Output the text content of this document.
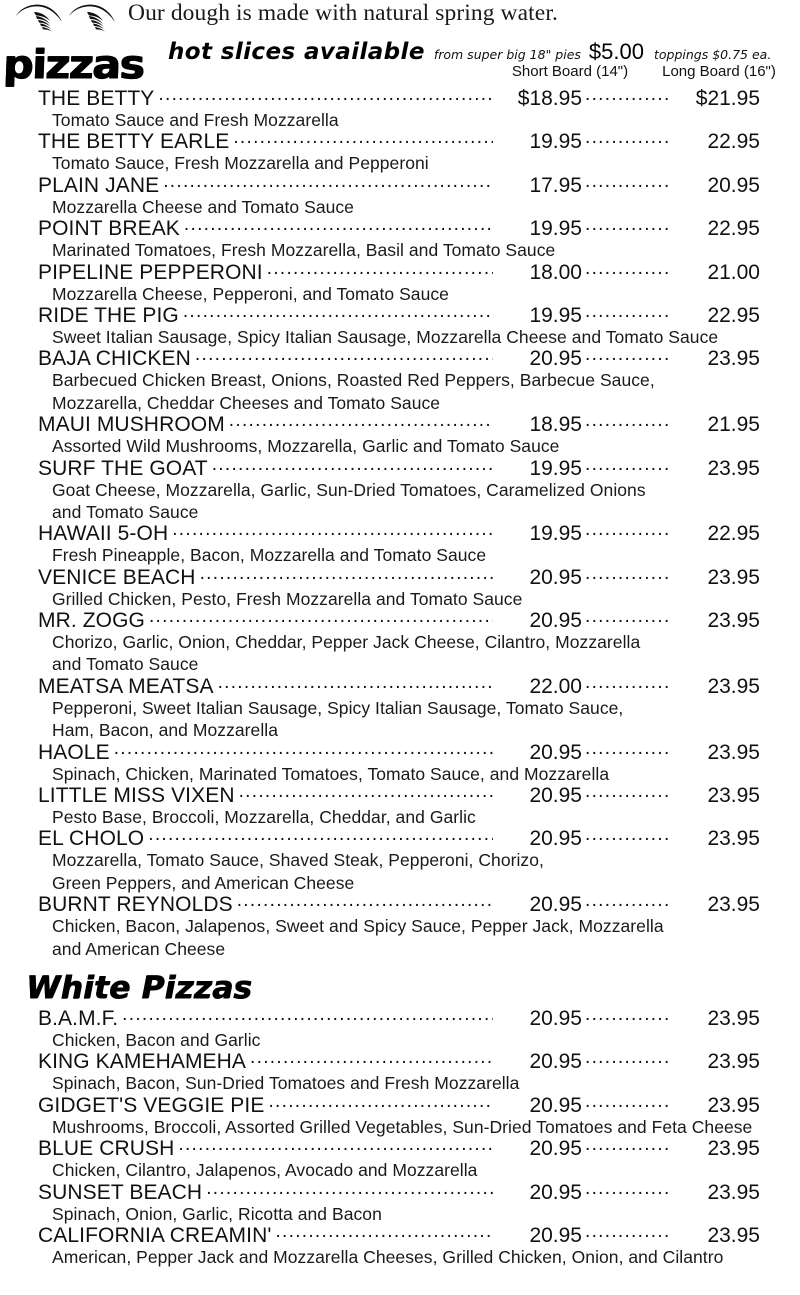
Our dough is made with natural spring water.
hot slices available from super big 18" pies $5.00 toppings $0.75 ea.
pizzas	Short Board (14")	Long Board (16")
THE BETTY .....	$18.95 .....	$21.95
Tomato Sauce and Fresh Mozzarella
THE BETTY EARLE .....	19.95 .....	22.95
Tomato Sauce, Fresh Mozzarella and Pepperoni
PLAIN JANE .....	17.95 .....	20.95
Mozzarella Cheese and Tomato Sauce
POINT BREAK .....	19.95 .....	22.95
Marinated Tomatoes, Fresh Mozzarella, Basil and Tomato Sauce
PIPELINE PEPPERONI .....	18.00 .....	21.00
Mozzarella Cheese, Pepperoni, and Tomato Sauce
RIDE THE PIG .....	19.95 .....	22.95
Sweet Italian Sausage, Spicy Italian Sausage, Mozzarella Cheese and Tomato Sauce
BAJA CHICKEN .....	20.95 .....	23.95
Barbecued Chicken Breast, Onions, Roasted Red Peppers, Barbecue Sauce,
Mozzarella, Cheddar Cheeses and Tomato Sauce
MAUI MUSHROOM .....	18.95 .....	21.95
Assorted Wild Mushrooms, Mozzarella, Garlic and Tomato Sauce
SURF THE GOAT .....	19.95 .....	23.95
Goat Cheese, Mozzarella, Garlic, Sun-Dried Tomatoes, Caramelized Onions
and Tomato Sauce
HAWAII 5-OH .....	19.95 .....	22.95
Fresh Pineapple, Bacon, Mozzarella and Tomato Sauce
VENICE BEACH .....	20.95 .....	23.95
Grilled Chicken, Pesto, Fresh Mozzarella and Tomato Sauce
MR. ZOGG .....	20.95 .....	23.95
Chorizo, Garlic, Onion, Cheddar, Pepper Jack Cheese, Cilantro, Mozzarella
and Tomato Sauce
MEATSA MEATSA .....	22.00 .....	23.95
Pepperoni, Sweet Italian Sausage, Spicy Italian Sausage, Tomato Sauce,
Ham, Bacon, and Mozzarella
HAOLE .....	20.95 .....	23.95
Spinach, Chicken, Marinated Tomatoes, Tomato Sauce, and Mozzarella
LITTLE MISS VIXEN .....	20.95 .....	23.95
Pesto Base, Broccoli, Mozzarella, Cheddar, and Garlic
EL CHOLO .....	20.95 .....	23.95
Mozzarella, Tomato Sauce, Shaved Steak, Pepperoni, Chorizo,
Green Peppers, and American Cheese
BURNT REYNOLDS .....	20.95 .....	23.95
Chicken, Bacon, Jalapenos, Sweet and Spicy Sauce, Pepper Jack, Mozzarella
and American Cheese
White Pizzas
B.A.M.F. .....	20.95 .....	23.95
Chicken, Bacon and Garlic
KING KAMEHAMEHA .....	20.95 .....	23.95
Spinach, Bacon, Sun-Dried Tomatoes and Fresh Mozzarella
GIDGET'S VEGGIE PIE .....	20.95 .....	23.95
Mushrooms, Broccoli, Assorted Grilled Vegetables, Sun-Dried Tomatoes and Feta Cheese
BLUE CRUSH .....	20.95 .....	23.95
Chicken, Cilantro, Jalapenos, Avocado and Mozzarella
SUNSET BEACH .....	20.95 .....	23.95
Spinach, Onion, Garlic, Ricotta and Bacon
CALIFORNIA CREAMIN' .....	20.95 .....	23.95
American, Pepper Jack and Mozzarella Cheeses, Grilled Chicken, Onion, and Cilantro
